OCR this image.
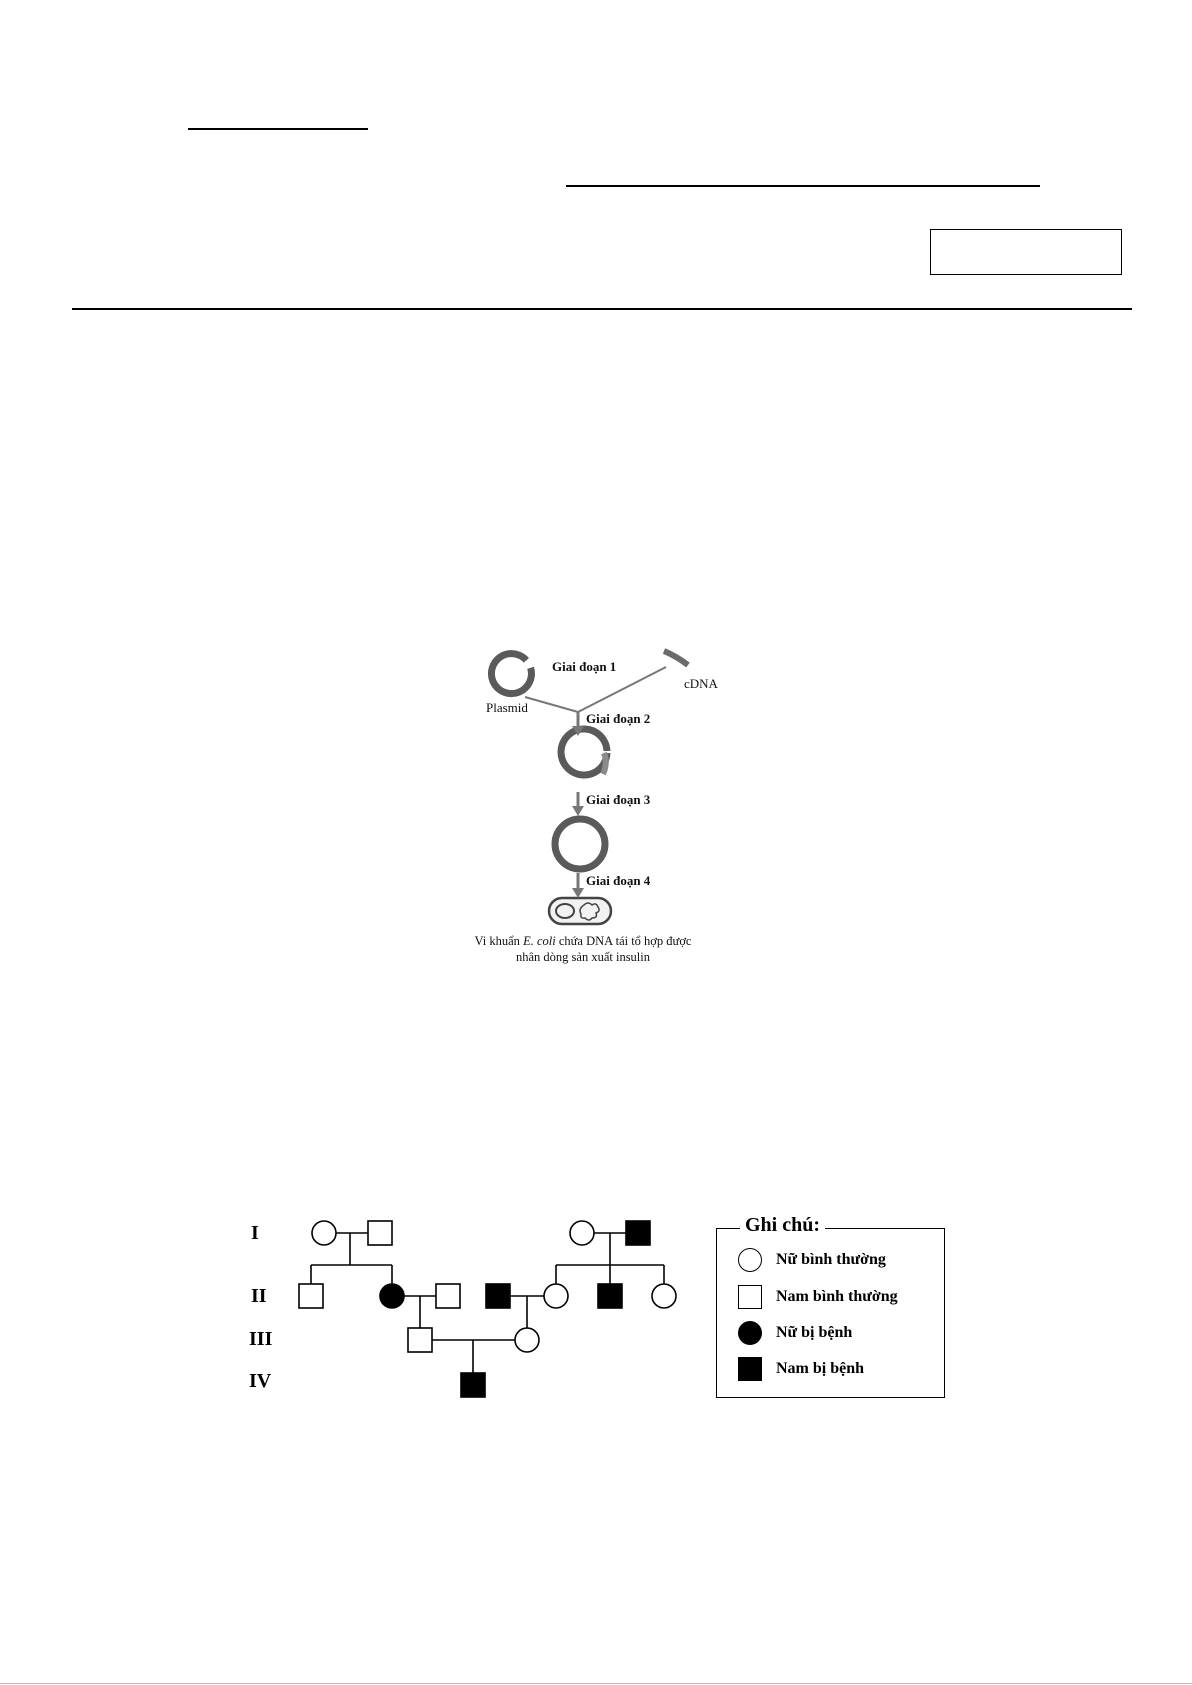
Plasmid
cDNA
Giai đoạn 1
Giai đoạn 2
Giai đoạn 3
Giai đoạn 4
Vi khuẩn E. coli chứa DNA tái tổ hợp được nhân dòng sản xuất insulin
I
II
III
IV
Ghi chú:
Nữ bình thường
Nam bình thường
Nữ bị bệnh
Nam bị bệnh
